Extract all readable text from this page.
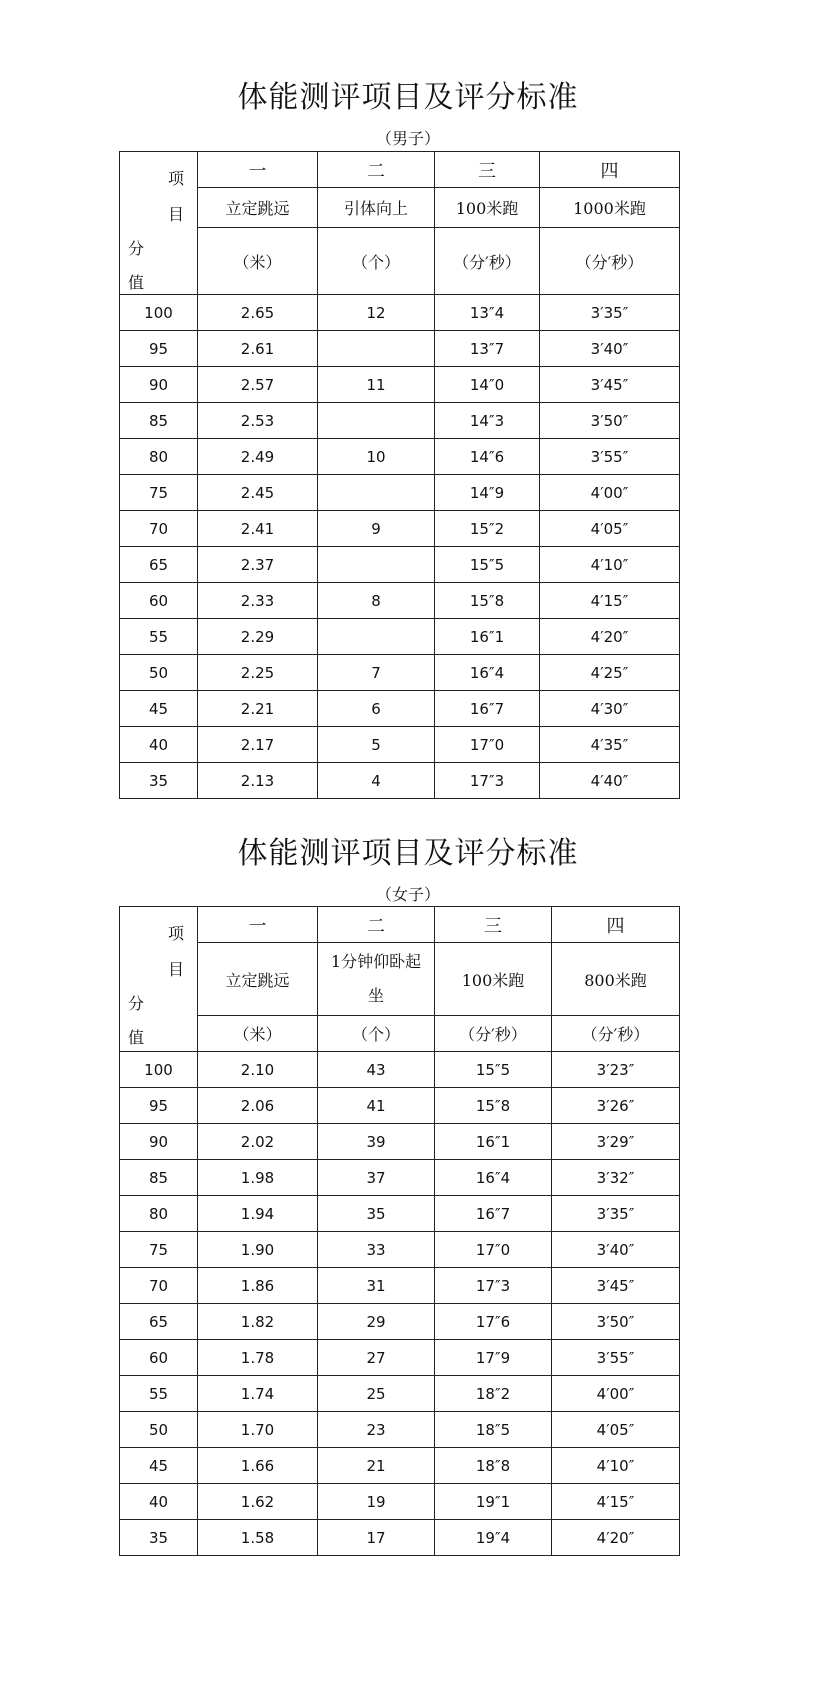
体能测评项目及评分标准
（男子）
项
目
分
值	一	二	三	四
	立定跳远	引体向上	100米跑	1000米跑
	（米）	（个）	（分′秒）	（分′秒）
100	2.65	12	13″4	3′35″
95	2.61		13″7	3′40″
90	2.57	11	14″0	3′45″
85	2.53		14″3	3′50″
80	2.49	10	14″6	3′55″
75	2.45		14″9	4′00″
70	2.41	9	15″2	4′05″
65	2.37		15″5	4′10″
60	2.33	8	15″8	4′15″
55	2.29		16″1	4′20″
50	2.25	7	16″4	4′25″
45	2.21	6	16″7	4′30″
40	2.17	5	17″0	4′35″
35	2.13	4	17″3	4′40″
体能测评项目及评分标准
（女子）
项
目
分
值	一	二	三	四
	立定跳远	1分钟仰卧起坐	100米跑	800米跑
	（米）	（个）	（分′秒）	（分′秒）
100	2.10	43	15″5	3′23″
95	2.06	41	15″8	3′26″
90	2.02	39	16″1	3′29″
85	1.98	37	16″4	3′32″
80	1.94	35	16″7	3′35″
75	1.90	33	17″0	3′40″
70	1.86	31	17″3	3′45″
65	1.82	29	17″6	3′50″
60	1.78	27	17″9	3′55″
55	1.74	25	18″2	4′00″
50	1.70	23	18″5	4′05″
45	1.66	21	18″8	4′10″
40	1.62	19	19″1	4′15″
35	1.58	17	19″4	4′20″
